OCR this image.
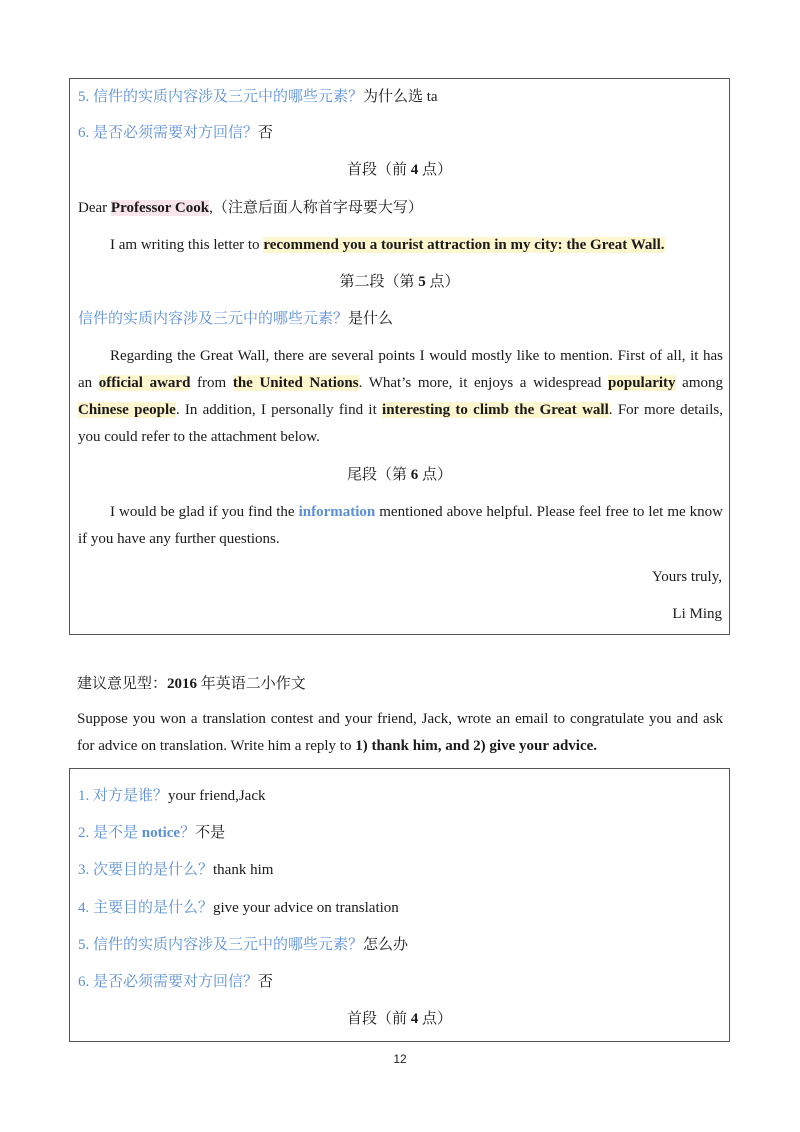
5. 信件的实质内容涉及三元中的哪些元素？为什么选 ta
6. 是否必须需要对方回信？否
首段（前 4 点）
Dear Professor Cook,（注意后面人称首字母要大写）
I am writing this letter to recommend you a tourist attraction in my city: the Great Wall.
第二段（第 5 点）
信件的实质内容涉及三元中的哪些元素？是什么
Regarding the Great Wall, there are several points I would mostly like to mention. First of all, it has an official award from the United Nations. What’s more, it enjoys a widespread popularity among Chinese people. In addition, I personally find it interesting to climb the Great wall. For more details, you could refer to the attachment below.
尾段（第 6 点）
I would be glad if you find the information mentioned above helpful. Please feel free to let me know if you have any further questions.
Yours truly,
Li Ming
建议意见型：2016 年英语二小作文
Suppose you won a translation contest and your friend, Jack, wrote an email to congratulate you and ask for advice on translation. Write him a reply to 1) thank him, and 2) give your advice.
1. 对方是谁？your friend,Jack
2. 是不是 notice？不是
3. 次要目的是什么？thank him
4. 主要目的是什么？give your advice on translation
5. 信件的实质内容涉及三元中的哪些元素？怎么办
6. 是否必须需要对方回信？否
首段（前 4 点）
12
